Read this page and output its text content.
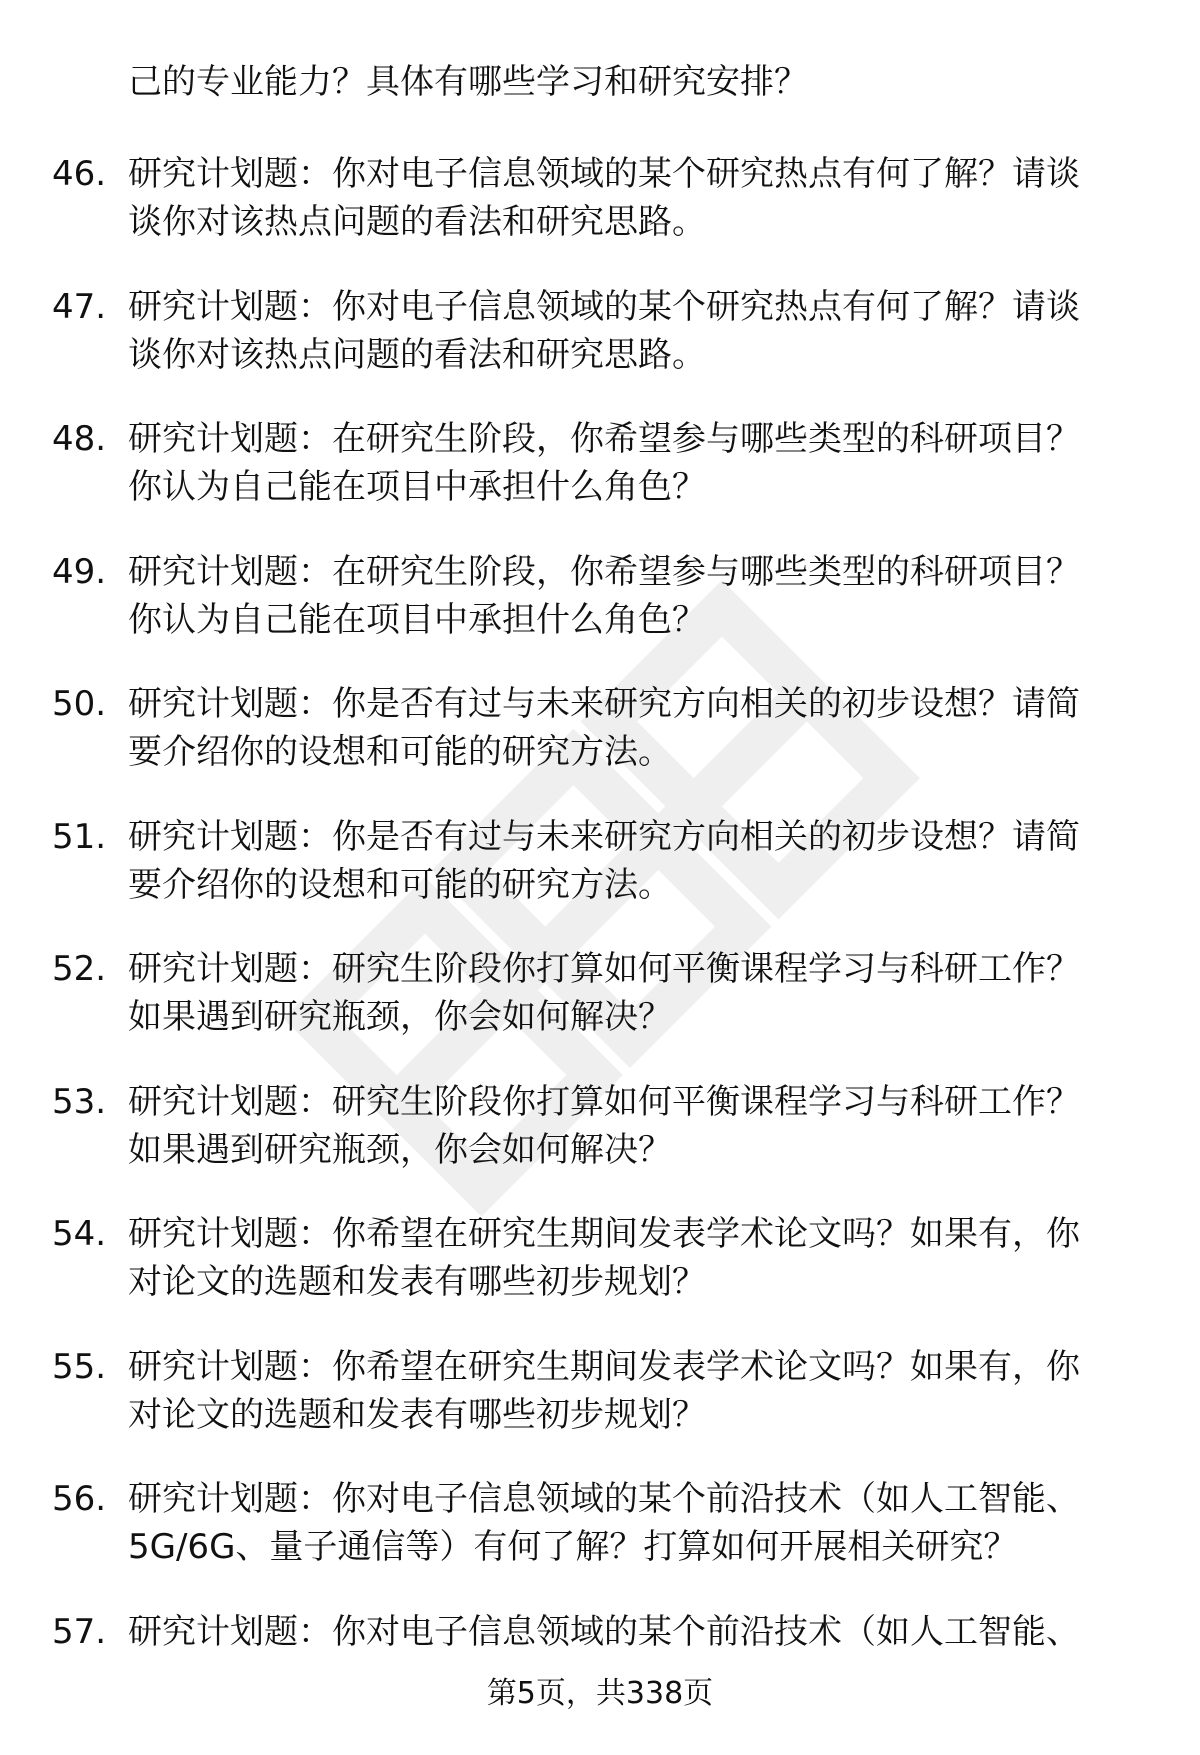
己的专业能力？具体有哪些学习和研究安排？
46. 研究计划题：你对电子信息领域的某个研究热点有何了解？请谈
谈你对该热点问题的看法和研究思路。
47. 研究计划题：你对电子信息领域的某个研究热点有何了解？请谈
谈你对该热点问题的看法和研究思路。
48. 研究计划题：在研究生阶段，你希望参与哪些类型的科研项目？
你认为自己能在项目中承担什么角色？
49. 研究计划题：在研究生阶段，你希望参与哪些类型的科研项目？
你认为自己能在项目中承担什么角色？
50. 研究计划题：你是否有过与未来研究方向相关的初步设想？请简
要介绍你的设想和可能的研究方法。
51. 研究计划题：你是否有过与未来研究方向相关的初步设想？请简
要介绍你的设想和可能的研究方法。
52. 研究计划题：研究生阶段你打算如何平衡课程学习与科研工作？
如果遇到研究瓶颈，你会如何解决？
53. 研究计划题：研究生阶段你打算如何平衡课程学习与科研工作？
如果遇到研究瓶颈，你会如何解决？
54. 研究计划题：你希望在研究生期间发表学术论文吗？如果有，你
对论文的选题和发表有哪些初步规划？
55. 研究计划题：你希望在研究生期间发表学术论文吗？如果有，你
对论文的选题和发表有哪些初步规划？
56. 研究计划题：你对电子信息领域的某个前沿技术（如人工智能、
5G/6G、量子通信等）有何了解？打算如何开展相关研究？
57. 研究计划题：你对电子信息领域的某个前沿技术（如人工智能、
第5页，共338页
